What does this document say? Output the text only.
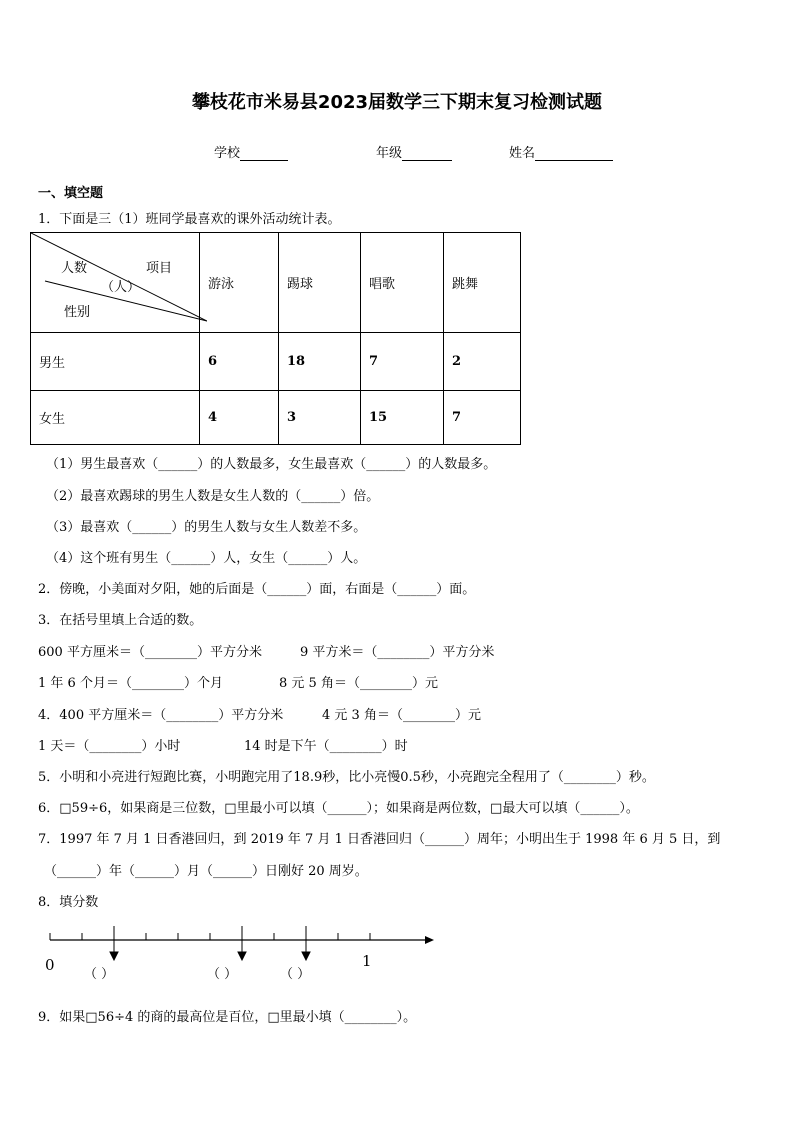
攀枝花市米易县2023届数学三下期末复习检测试题
学校	年级	姓名
一、填空题
1．下面是三（1）班同学最喜欢的课外活动统计表。
人数
（人）
项目
性别	游泳	踢球	唱歌	跳舞
男生	6	18	7	2
女生	4	3	15	7
（1）男生最喜欢（______）的人数最多，女生最喜欢（______）的人数最多。
（2）最喜欢踢球的男生人数是女生人数的（______）倍。
（3）最喜欢（______）的男生人数与女生人数差不多。
（4）这个班有男生（______）人，女生（______）人。
2．傍晚，小美面对夕阳，她的后面是（______）面，右面是（______）面。
3．在括号里填上合适的数。
600 平方厘米＝（________）平方分米	9 平方米＝（________）平方分米
1 年 6 个月＝（________）个月	8 元 5 角＝（________）元
4．400 平方厘米＝（________）平方分米	4 元 3 角＝（________）元
1 天＝（________）小时	14 时是下午（________）时
5．小明和小亮进行短跑比赛，小明跑完用了18.9秒，比小亮慢0.5秒，小亮跑完全程用了（________）秒。
6．□59÷6，如果商是三位数，□里最小可以填（______）；如果商是两位数，□最大可以填（______）。
7．1997 年 7 月 1 日香港回归，到 2019 年 7 月 1 日香港回归（______）周年；小明出生于 1998 年 6 月 5 日，到
（______）年（______）月（______）日刚好 20 周岁。
8．填分数
0	1
（ ）	（ ）	（ ）
9．如果□56÷4 的商的最高位是百位，□里最小填（________）。
